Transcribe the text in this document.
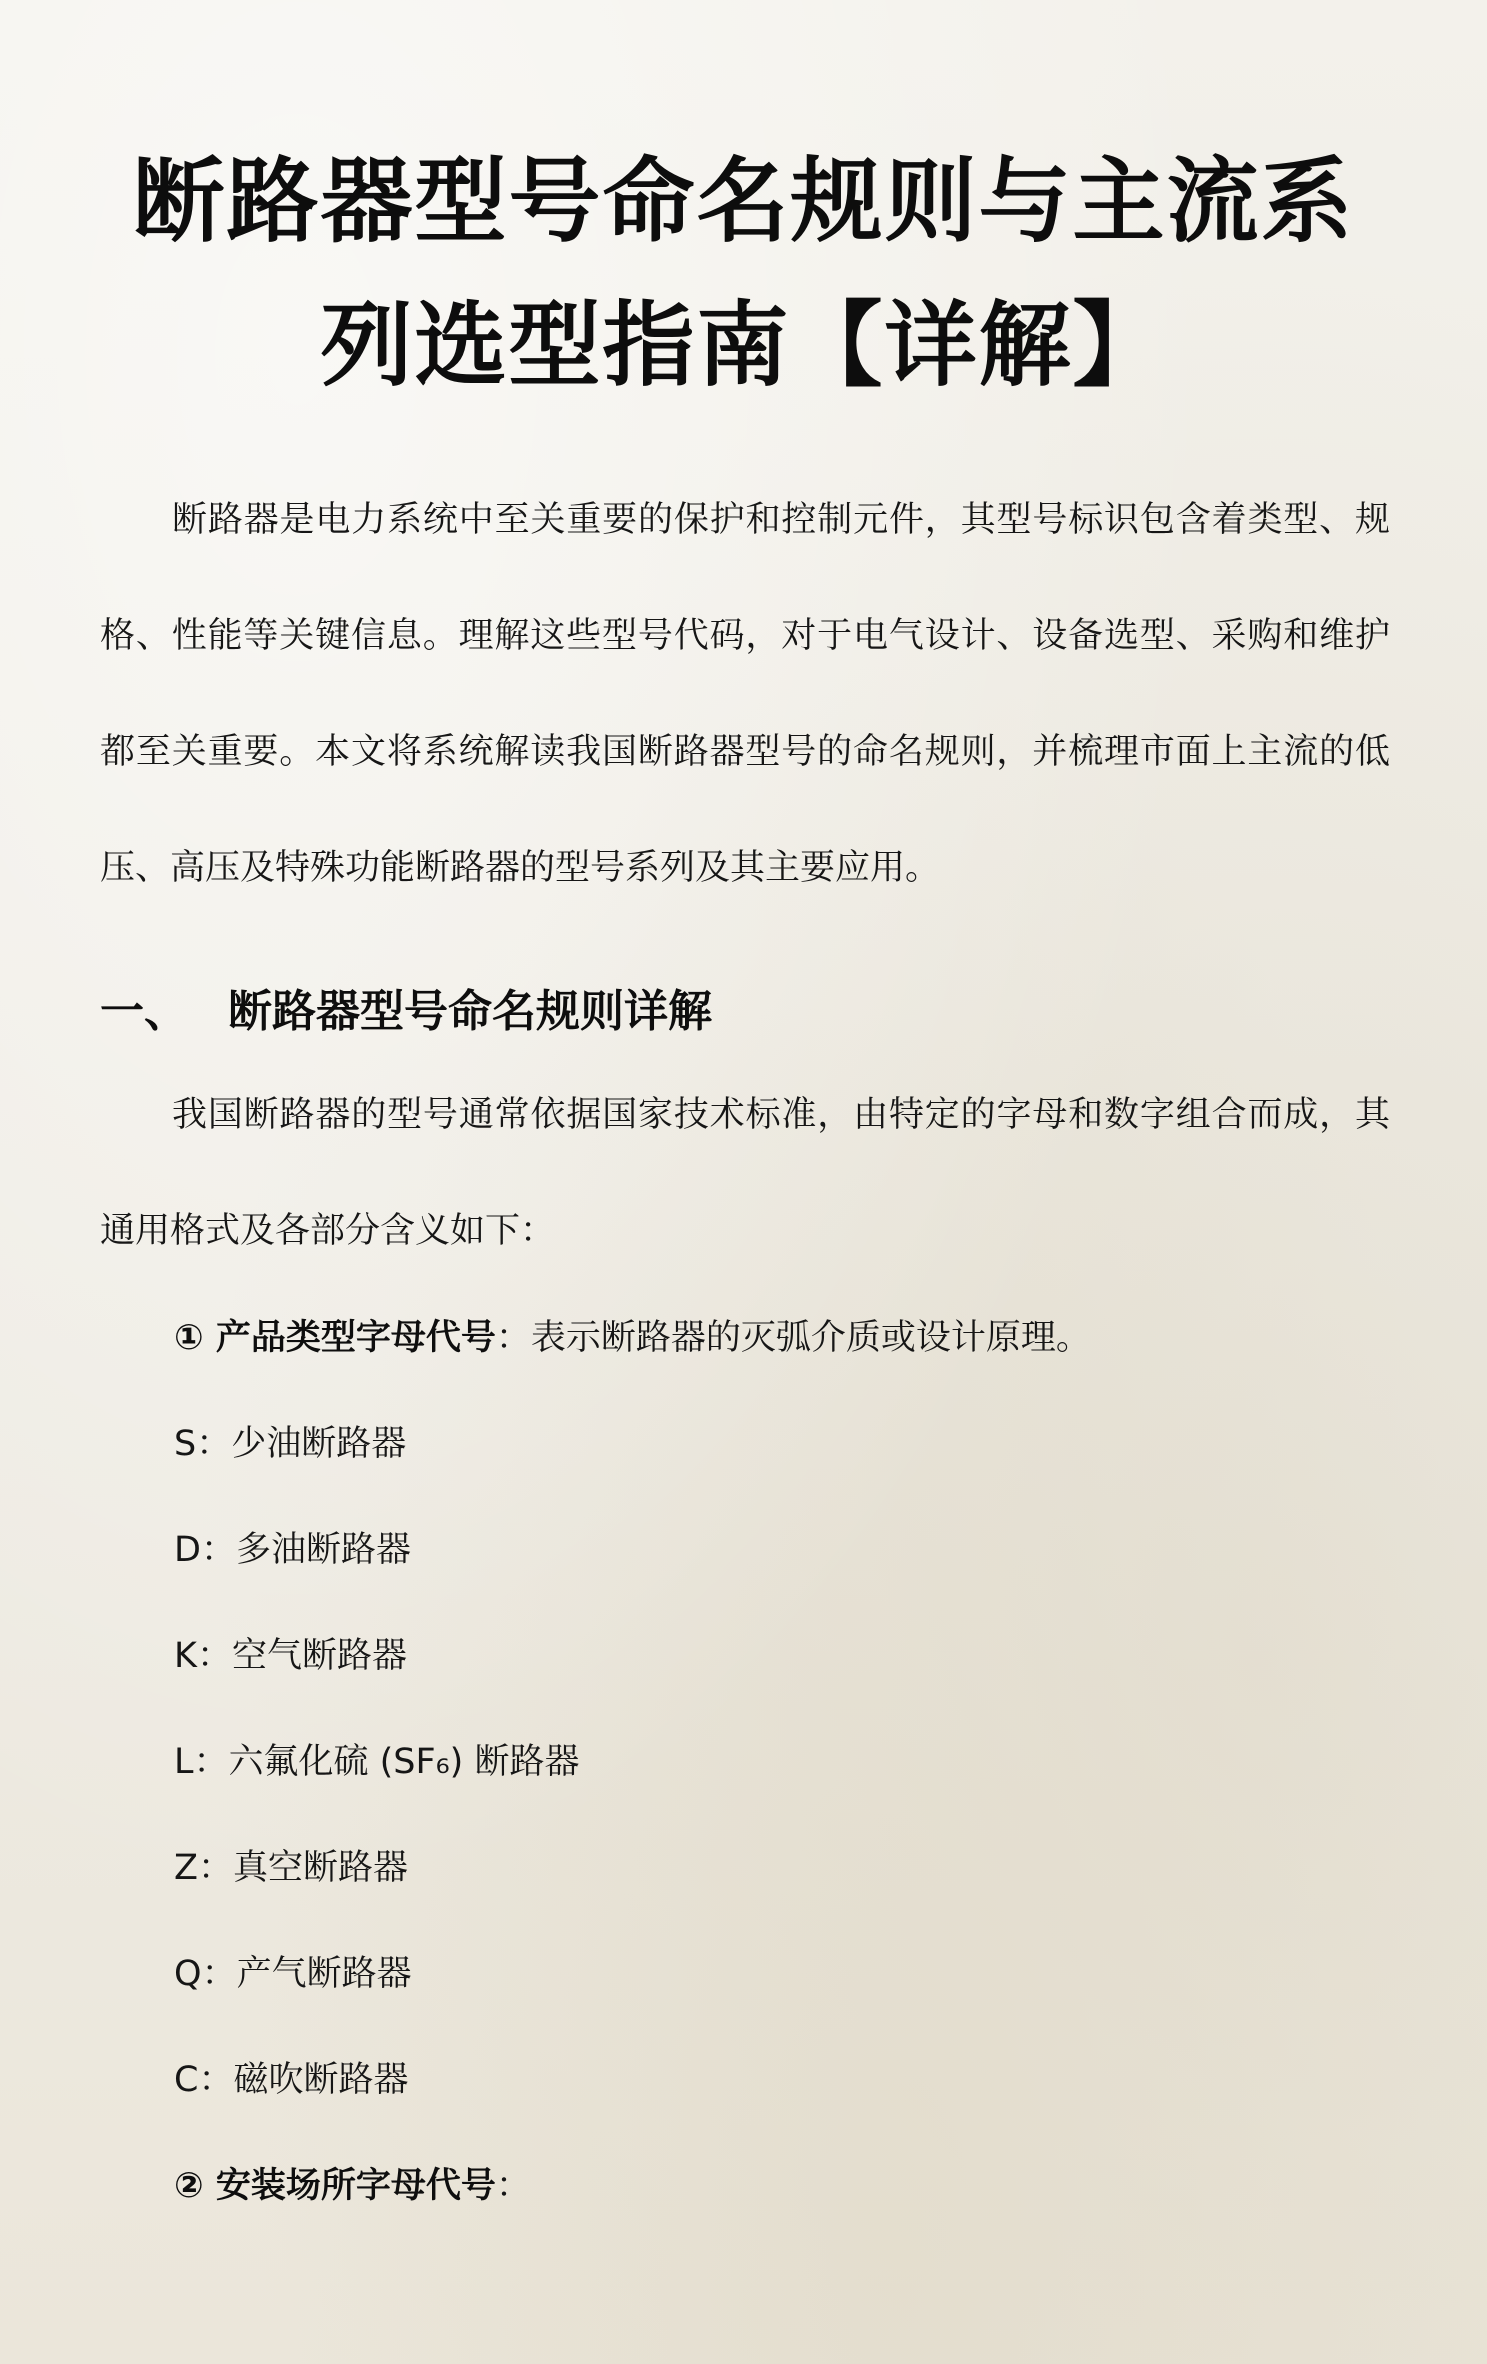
断路器型号命名规则与主流系
列选型指南【详解】

断路器是电力系统中至关重要的保护和控制元件，其型号标识包含着类型、规格、性能等关键信息。理解这些型号代码，对于电气设计、设备选型、采购和维护都至关重要。本文将系统解读我国断路器型号的命名规则，并梳理市面上主流的低压、高压及特殊功能断路器的型号系列及其主要应用。

一、 断路器型号命名规则详解

我国断路器的型号通常依据国家技术标准，由特定的字母和数字组合而成，其通用格式及各部分含义如下：

① 产品类型字母代号：表示断路器的灭弧介质或设计原理。

S：少油断路器

D：多油断路器

K：空气断路器

L：六氟化硫 (SF₆) 断路器

Z：真空断路器

Q：产气断路器

C：磁吹断路器

② 安装场所字母代号：
